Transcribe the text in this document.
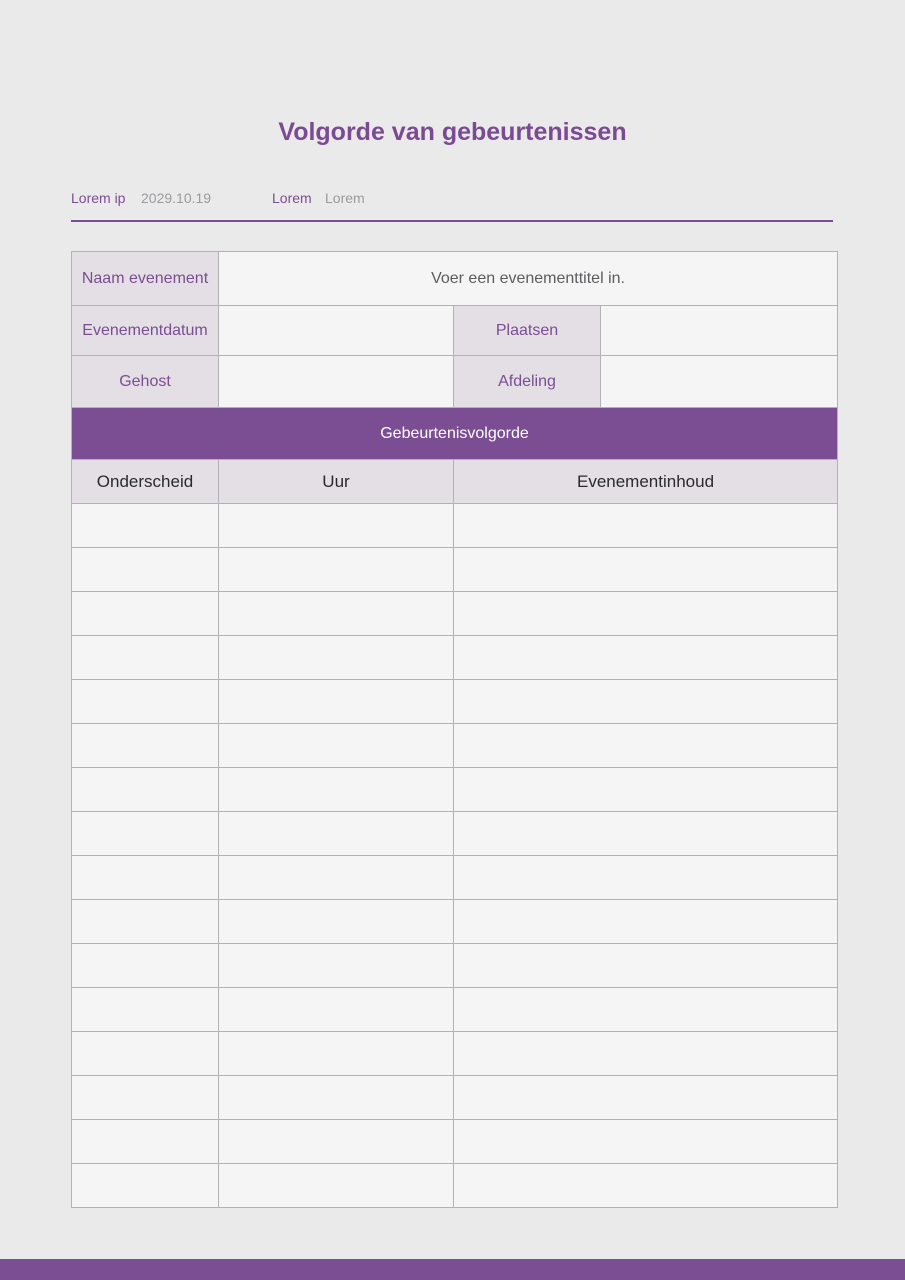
Volgorde van gebeurtenissen
Lorem ip 2029.10.19	Lorem Lorem
Naam evenement	Voer een evenementtitel in.		
Evenementdatum		Plaatsen	
Gehost		Afdeling	
Gebeurtenisvolgorde			
Onderscheid	Uur	Evenementinhoud	
